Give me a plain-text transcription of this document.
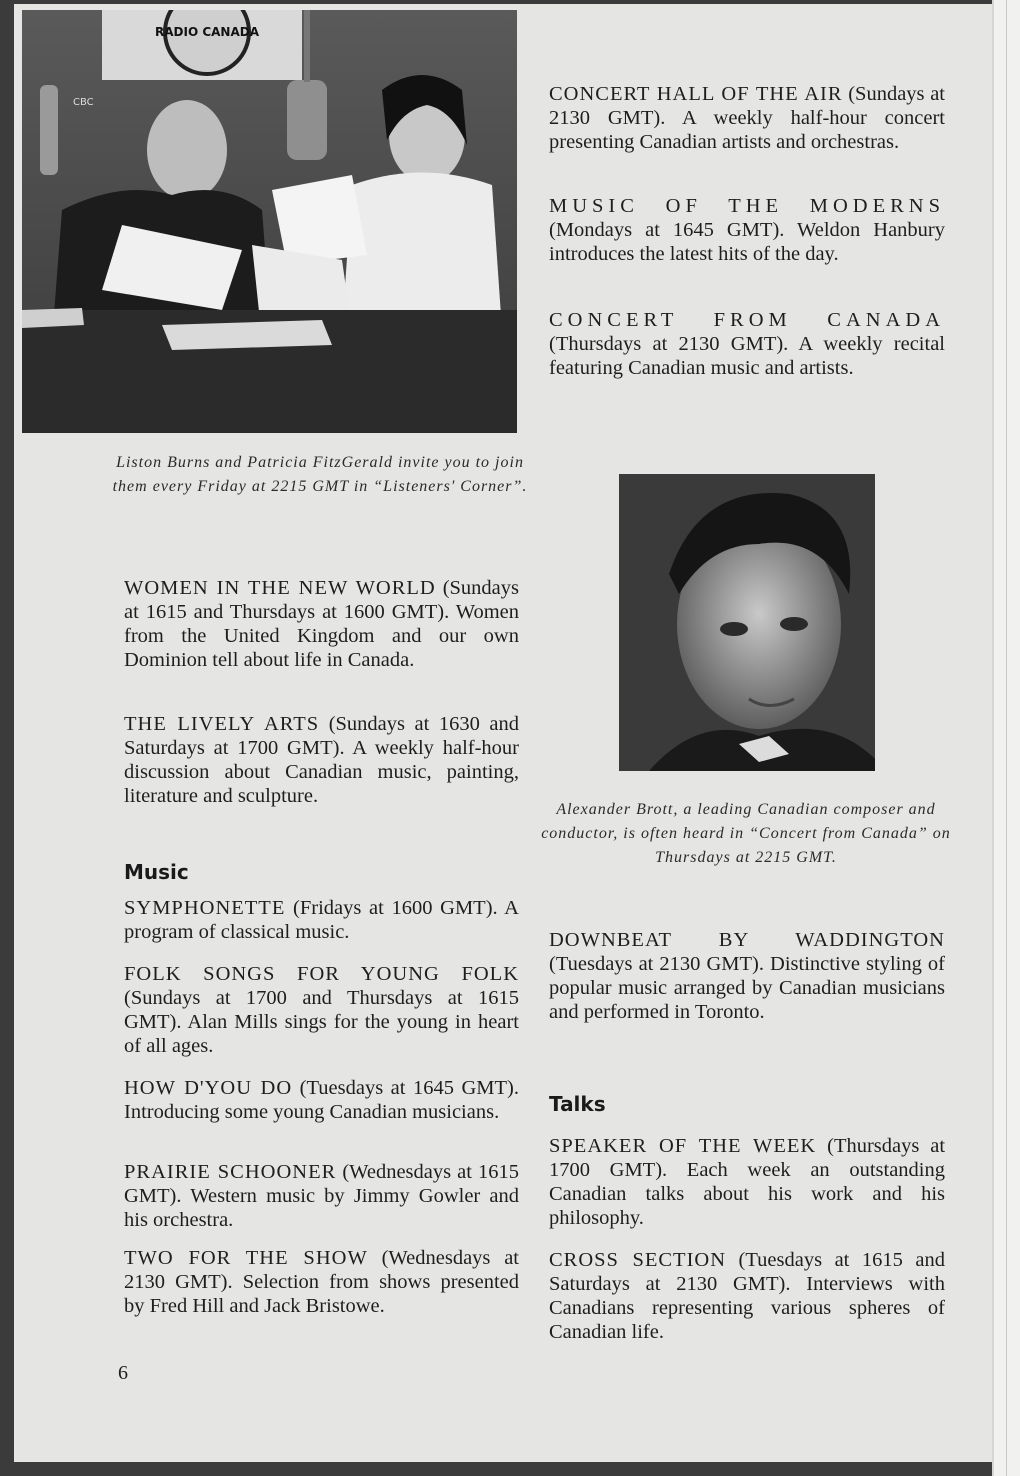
RADIO CANADA
CBC
Liston Burns and Patricia FitzGerald invite you to join them every Friday at 2215 GMT in “Listeners' Corner”.
Alexander Brott, a leading Canadian composer and conductor, is often heard in “Concert from Canada” on Thursdays at 2215 GMT.
WOMEN IN THE NEW WORLD (Sundays at 1615 and Thursdays at 1600 GMT). Women from the United Kingdom and our own Dominion tell about life in Canada.
THE LIVELY ARTS (Sundays at 1630 and Saturdays at 1700 GMT). A weekly half-hour discussion about Canadian music, painting, literature and sculpture.
Music
SYMPHONETTE (Fridays at 1600 GMT). A program of classical music.
FOLK SONGS FOR YOUNG FOLK (Sundays at 1700 and Thursdays at 1615 GMT). Alan Mills sings for the young in heart of all ages.
HOW D'YOU DO (Tuesdays at 1645 GMT). Introducing some young Canadian musicians.
PRAIRIE SCHOONER (Wednesdays at 1615 GMT). Western music by Jimmy Gowler and his orchestra.
TWO FOR THE SHOW (Wednesdays at 2130 GMT). Selection from shows presented by Fred Hill and Jack Bristowe.
CONCERT HALL OF THE AIR (Sundays at 2130 GMT). A weekly half-hour concert presenting Canadian artists and orchestras.
MUSIC OF THE MODERNS (Mondays at 1645 GMT). Weldon Hanbury introduces the latest hits of the day.
CONCERT FROM CANADA (Thursdays at 2130 GMT). A weekly recital featuring Canadian music and artists.
DOWNBEAT BY WADDINGTON (Tuesdays at 2130 GMT). Distinctive styling of popular music arranged by Canadian musicians and performed in Toronto.
Talks
SPEAKER OF THE WEEK (Thursdays at 1700 GMT). Each week an outstanding Canadian talks about his work and his philosophy.
CROSS SECTION (Tuesdays at 1615 and Saturdays at 2130 GMT). Interviews with Canadians representing various spheres of Canadian life.
6
